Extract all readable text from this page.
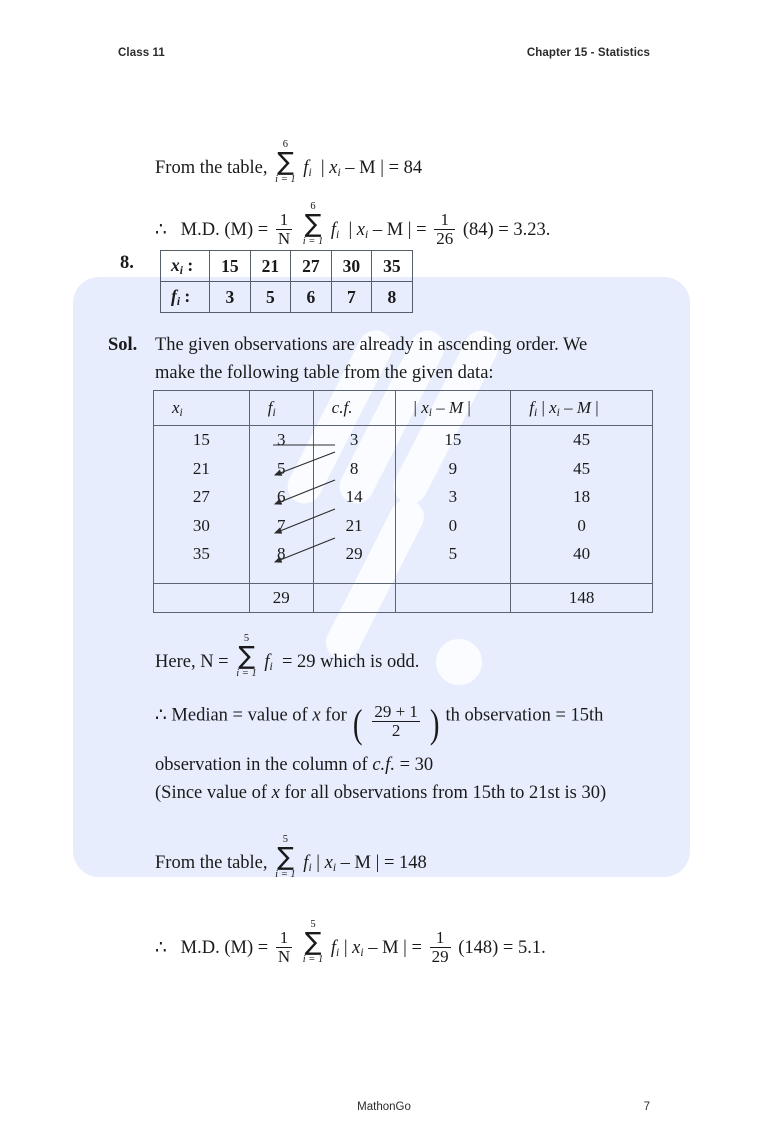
Class 11	Chapter 15 - Statistics
From the table,
6
∑
i = 1
$f_i$ | $x_i$ – M | = 84
∴ M.D. $(M) = \frac{1}{N}$

6
∑
i = 1
$f_i$ | $x_i$ – M | = $\frac{1}{26} (84) = 3.23$.
8. $x_i$ :	15	21	27	30	35
$f_i$ :	3	5	6	7	8
Sol. The given observations are already in ascending order. We
make the following table from the given data:
$x_i$	$f_i$	c.f.	| $x_i$ – M |	$f_i$ | $x_i$ – M |
15	3	3	15	45
21	5	8	9	45
27	6	14	3	18
30	7	21	0	0
35	8	29	5	40
	29			148
Here, N =
5
∑
i = 1
$f_i = 29$ which is odd.
∴ Median = value of x for ( $\frac{29 + 1}{2}$ ) th observation = 15th
observation in the column of c.f. = 30
(Since value of x for all observations from 15th to 21st is 30)
From the table,
5
∑
i = 1
$f_i$ | $x_i$ – M | = 148
∴ M.D. $(M) = \frac{1}{N}$

5
∑
i = 1
$f_i$ | $x_i$ – M | = $\frac{1}{29} (148) = 5.1$.
MathonGo	7
